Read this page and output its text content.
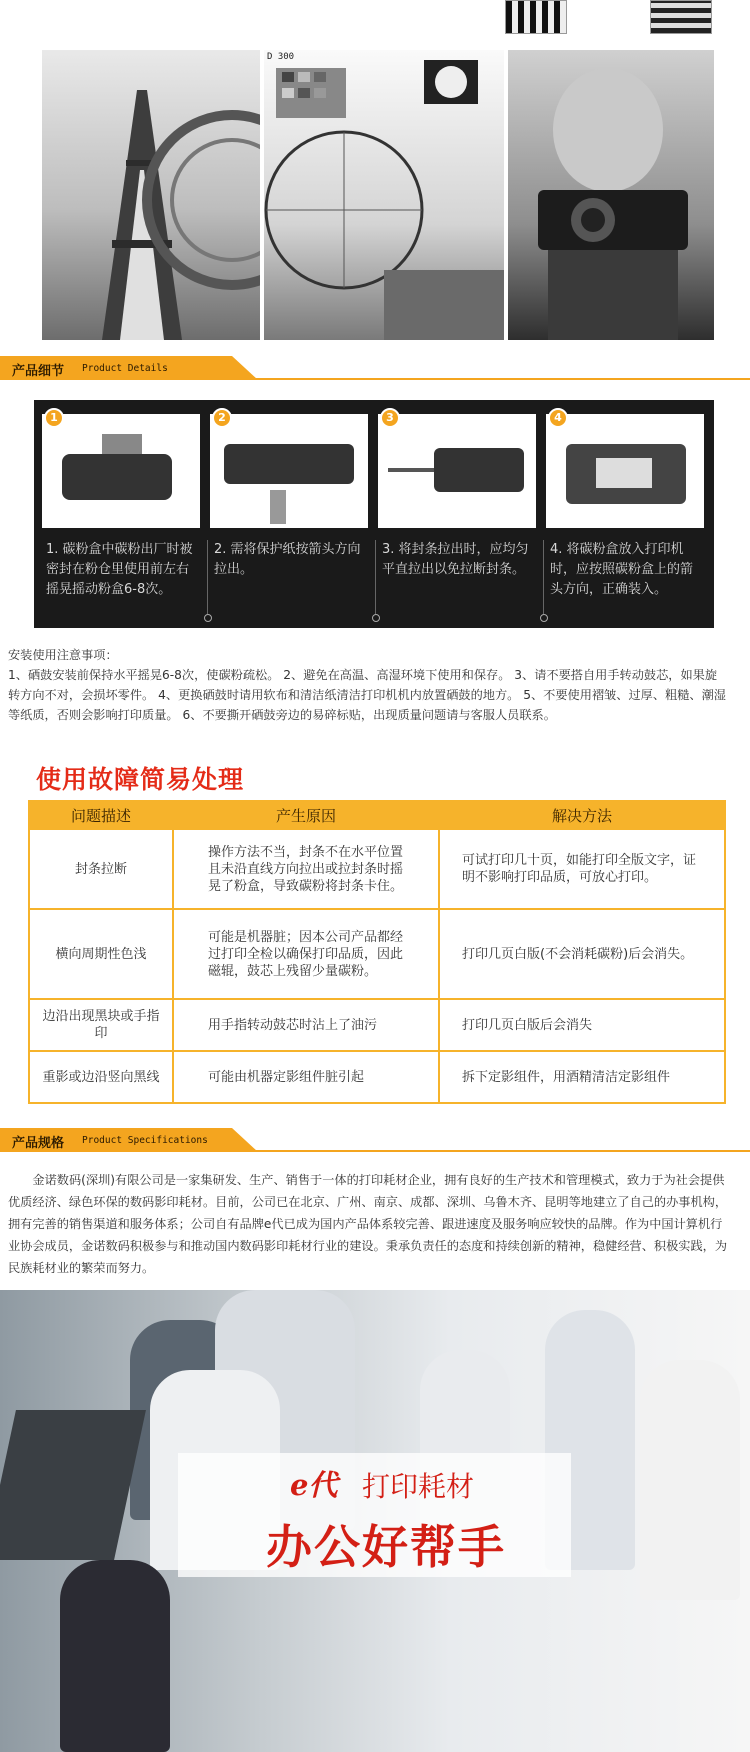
D 300
产品细节 Product Details
1
1. 碳粉盒中碳粉出厂时被密封在粉仓里使用前左右摇晃摇动粉盒6-8次。
2
2. 需将保护纸按箭头方向拉出。
3
3. 将封条拉出时，应均匀平直拉出以免拉断封条。
4
4. 将碳粉盒放入打印机时，应按照碳粉盒上的箭头方向，正确装入。
安装使用注意事项：
1、硒鼓安装前保持水平摇晃6-8次，使碳粉疏松。 2、避免在高温、高湿环境下使用和保存。 3、请不要搭自用手转动鼓芯，如果旋转方向不对，会损坏零件。 4、更换硒鼓时请用软布和清洁纸清洁打印机机内放置硒鼓的地方。 5、不要使用褶皱、过厚、粗糙、潮湿等纸质，否则会影响打印质量。 6、不要撕开硒鼓旁边的易碎标贴，出现质量问题请与客服人员联系。
使用故障简易处理
问题描述	产生原因	解决方法
封条拉断	操作方法不当，封条不在水平位置且未沿直线方向拉出或拉封条时摇晃了粉盒，导致碳粉将封条卡住。	可试打印几十页，如能打印全版文字，证明不影响打印品质，可放心打印。
横向周期性色浅	可能是机器脏；因本公司产品都经过打印全检以确保打印品质，因此磁辊，鼓芯上残留少量碳粉。	打印几页白版(不会消耗碳粉)后会消失。
边沿出现黑块或手指印	用手指转动鼓芯时沾上了油污	打印几页白版后会消失
重影或边沿竖向黑线	可能由机器定影组件脏引起	拆下定影组件，用酒精清洁定影组件
产品规格 Product Specifications
金诺数码(深圳)有限公司是一家集研发、生产、销售于一体的打印耗材企业，拥有良好的生产技术和管理模式，致力于为社会提供优质经济、绿色环保的数码影印耗材。目前，公司已在北京、广州、南京、成都、深圳、乌鲁木齐、昆明等地建立了自己的办事机构，拥有完善的销售渠道和服务体系；公司自有品牌e代已成为国内产品体系较完善、跟进速度及服务响应较快的品牌。作为中国计算机行业协会成员，金诺数码积极参与和推动国内数码影印耗材行业的建设。秉承负责任的态度和持续创新的精神，稳健经营、积极实践，为民族耗材业的繁荣而努力。
e代 打印耗材
办公好帮手
